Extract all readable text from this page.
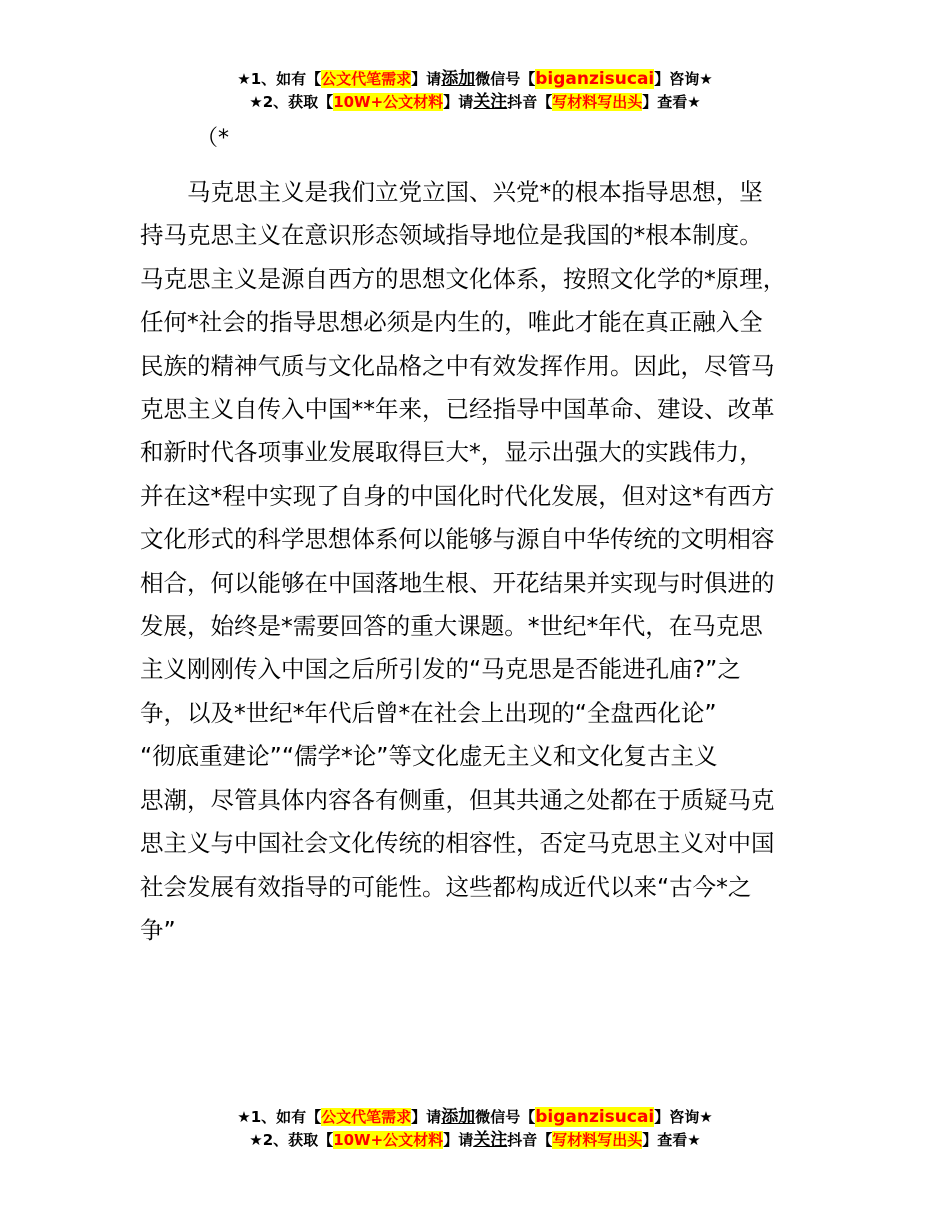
★1、如有【公文代笔需求】请添加微信号【biganzisucai】咨询★
★2、获取【10W+公文材料】请关注抖音【写材料写出头】查看★
（*
马克思主义是我们立党立国、兴党*的根本指导思想，坚
持马克思主义在意识形态领域指导地位是我国的*根本制度。
马克思主义是源自西方的思想文化体系，按照文化学的*原理，
任何*社会的指导思想必须是内生的，唯此才能在真正融入全
民族的精神气质与文化品格之中有效发挥作用。因此，尽管马
克思主义自传入中国**年来，已经指导中国革命、建设、改革
和新时代各项事业发展取得巨大*，显示出强大的实践伟力，
并在这*程中实现了自身的中国化时代化发展，但对这*有西方
文化形式的科学思想体系何以能够与源自中华传统的文明相容
相合，何以能够在中国落地生根、开花结果并实现与时俱进的
发展，始终是*需要回答的重大课题。*世纪*年代，在马克思
主义刚刚传入中国之后所引发的“马克思是否能进孔庙?”之
争，以及*世纪*年代后曾*在社会上出现的“全盘西化论”
“彻底重建论”“儒学*论”等文化虚无主义和文化复古主义
思潮，尽管具体内容各有侧重，但其共通之处都在于质疑马克
思主义与中国社会文化传统的相容性，否定马克思主义对中国
社会发展有效指导的可能性。这些都构成近代以来“古今*之
争”
★1、如有【公文代笔需求】请添加微信号【biganzisucai】咨询★
★2、获取【10W+公文材料】请关注抖音【写材料写出头】查看★
